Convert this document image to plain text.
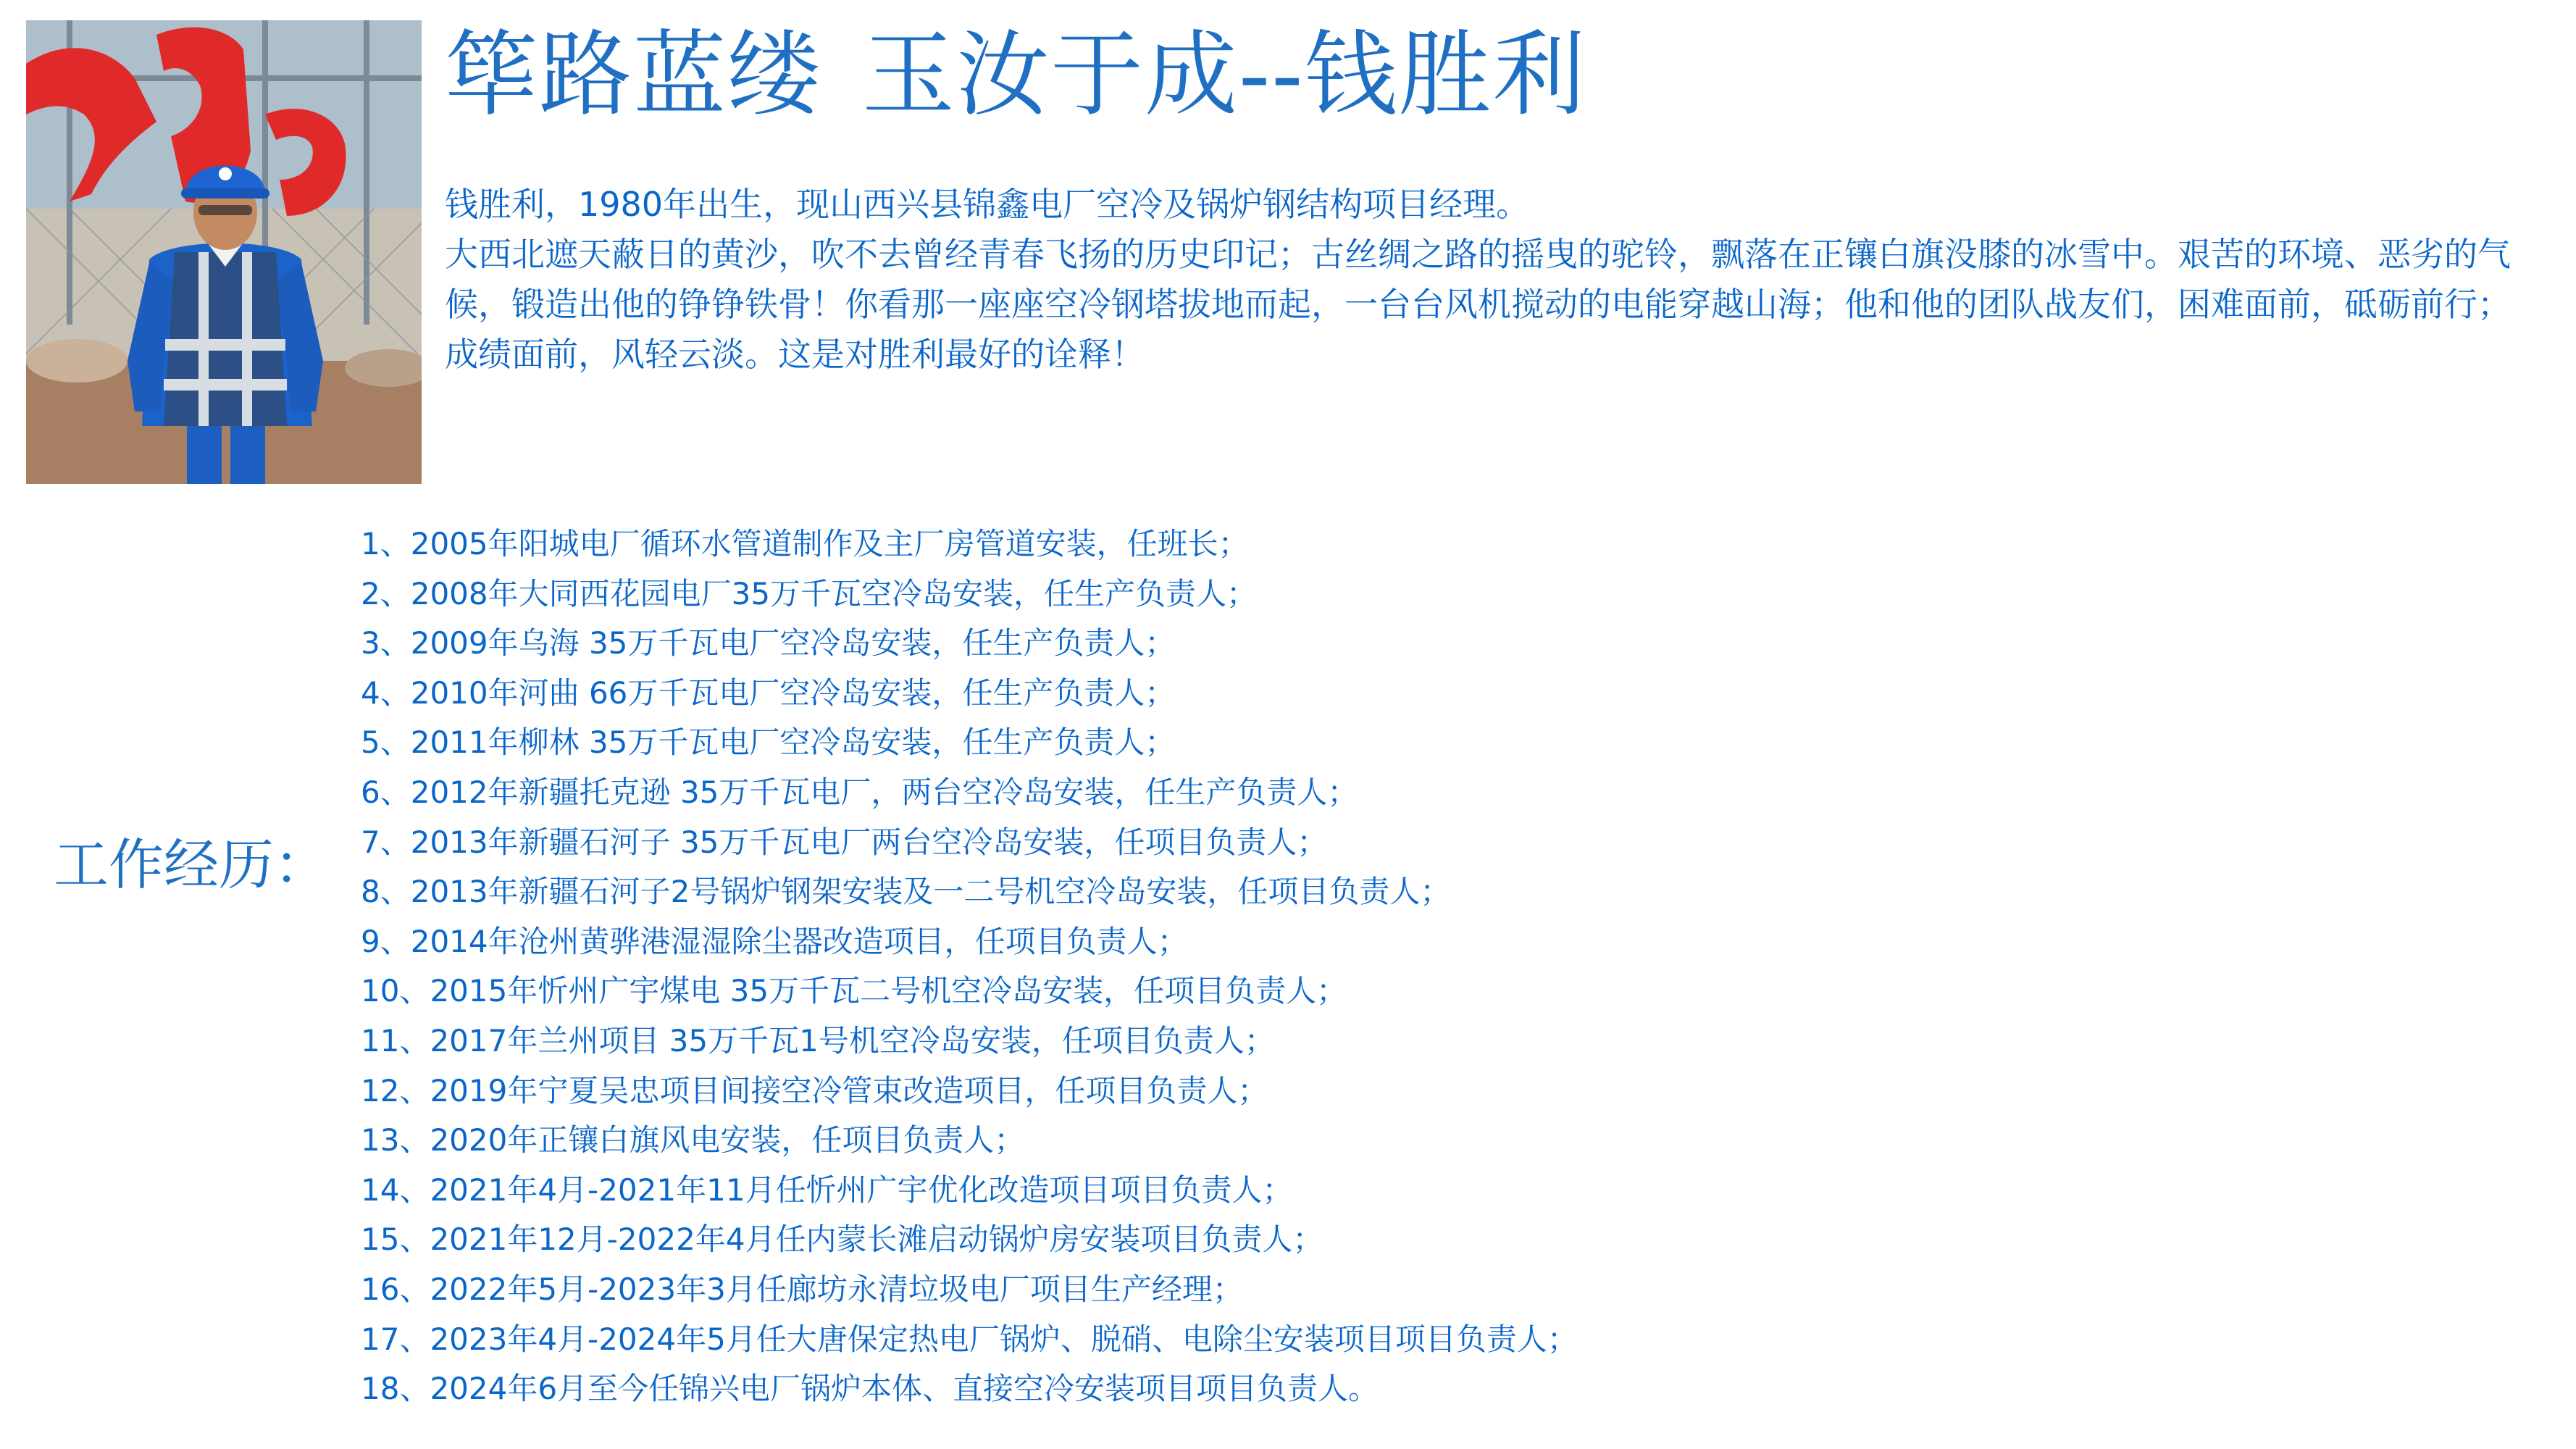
筚路蓝缕 玉汝于成--钱胜利

钱胜利，1980年出生，现山西兴县锦鑫电厂空冷及锅炉钢结构项目经理。

大西北遮天蔽日的黄沙，吹不去曾经青春飞扬的历史印记；古丝绸之路的摇曳的驼铃，飘落在正镶白旗没膝的冰雪中。艰苦的环境、恶劣的气候，锻造出他的铮铮铁骨！你看那一座座空冷钢塔拔地而起，一台台风机搅动的电能穿越山海；他和他的团队战友们，困难面前，砥砺前行；成绩面前，风轻云淡。这是对胜利最好的诠释！

工作经历：
1、2005年阳城电厂循环水管道制作及主厂房管道安装，任班长；
2、2008年大同西花园电厂35万千瓦空冷岛安装，任生产负责人；
3、2009年乌海 35万千瓦电厂空冷岛安装，任生产负责人；
4、2010年河曲 66万千瓦电厂空冷岛安装，任生产负责人；
5、2011年柳林 35万千瓦电厂空冷岛安装，任生产负责人；
6、2012年新疆托克逊 35万千瓦电厂，两台空冷岛安装，任生产负责人；
7、2013年新疆石河子 35万千瓦电厂两台空冷岛安装，任项目负责人；
8、2013年新疆石河子2号锅炉钢架安装及一二号机空冷岛安装，任项目负责人；
9、2014年沧州黄骅港湿湿除尘器改造项目，任项目负责人；
10、2015年忻州广宇煤电 35万千瓦二号机空冷岛安装，任项目负责人；
11、2017年兰州项目 35万千瓦1号机空冷岛安装，任项目负责人；
12、2019年宁夏吴忠项目间接空冷管束改造项目，任项目负责人；
13、2020年正镶白旗风电安装，任项目负责人；
14、2021年4月-2021年11月任忻州广宇优化改造项目项目负责人；
15、2021年12月-2022年4月任内蒙长滩启动锅炉房安装项目负责人；
16、2022年5月-2023年3月任廊坊永清垃圾电厂项目生产经理；
17、2023年4月-2024年5月任大唐保定热电厂锅炉、脱硝、电除尘安装项目项目负责人；
18、2024年6月至今任锦兴电厂锅炉本体、直接空冷安装项目项目负责人。
